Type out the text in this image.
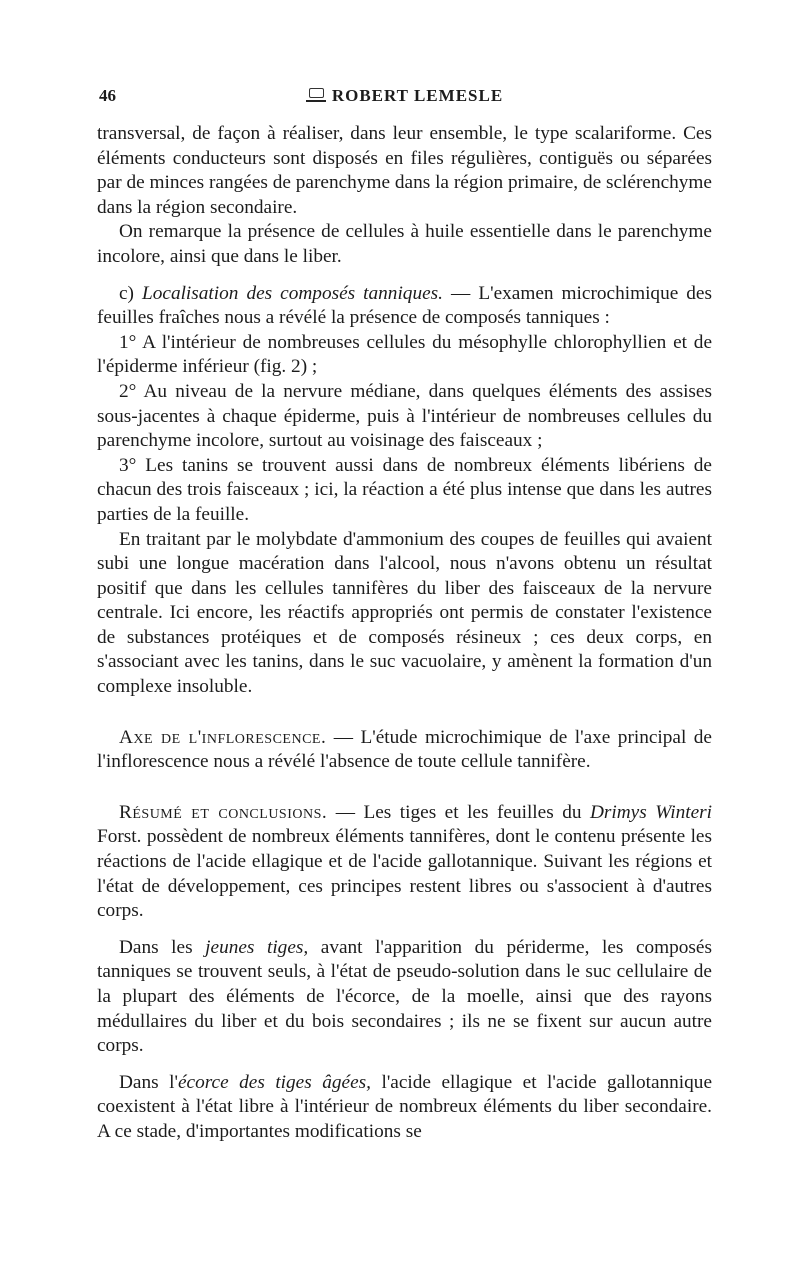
46	ROBERT LEMESLE

transversal, de façon à réaliser, dans leur ensemble, le type scalariforme. Ces éléments conducteurs sont disposés en files régulières, contiguës ou séparées par de minces rangées de parenchyme dans la région primaire, de sclérenchyme dans la région secondaire.

On remarque la présence de cellules à huile essentielle dans le parenchyme incolore, ainsi que dans le liber.

c) Localisation des composés tanniques. — L'examen microchimique des feuilles fraîches nous a révélé la présence de composés tanniques :

1° A l'intérieur de nombreuses cellules du mésophylle chlorophyllien et de l'épiderme inférieur (fig. 2) ;

2° Au niveau de la nervure médiane, dans quelques éléments des assises sous-jacentes à chaque épiderme, puis à l'intérieur de nombreuses cellules du parenchyme incolore, surtout au voisinage des faisceaux ;

3° Les tanins se trouvent aussi dans de nombreux éléments libériens de chacun des trois faisceaux ; ici, la réaction a été plus intense que dans les autres parties de la feuille.

En traitant par le molybdate d'ammonium des coupes de feuilles qui avaient subi une longue macération dans l'alcool, nous n'avons obtenu un résultat positif que dans les cellules tannifères du liber des faisceaux de la nervure centrale. Ici encore, les réactifs appropriés ont permis de constater l'existence de substances protéiques et de composés résineux ; ces deux corps, en s'associant avec les tanins, dans le suc vacuolaire, y amènent la formation d'un complexe insoluble.

Axe de l'inflorescence. — L'étude microchimique de l'axe principal de l'inflorescence nous a révélé l'absence de toute cellule tannifère.

Résumé et conclusions. — Les tiges et les feuilles du Drimys Winteri Forst. possèdent de nombreux éléments tannifères, dont le contenu présente les réactions de l'acide ellagique et de l'acide gallotannique. Suivant les régions et l'état de développement, ces principes restent libres ou s'associent à d'autres corps.

Dans les jeunes tiges, avant l'apparition du périderme, les composés tanniques se trouvent seuls, à l'état de pseudo-solution dans le suc cellulaire de la plupart des éléments de l'écorce, de la moelle, ainsi que des rayons médullaires du liber et du bois secondaires ; ils ne se fixent sur aucun autre corps.

Dans l'écorce des tiges âgées, l'acide ellagique et l'acide gallotannique coexistent à l'état libre à l'intérieur de nombreux éléments du liber secondaire. A ce stade, d'importantes modifications se
